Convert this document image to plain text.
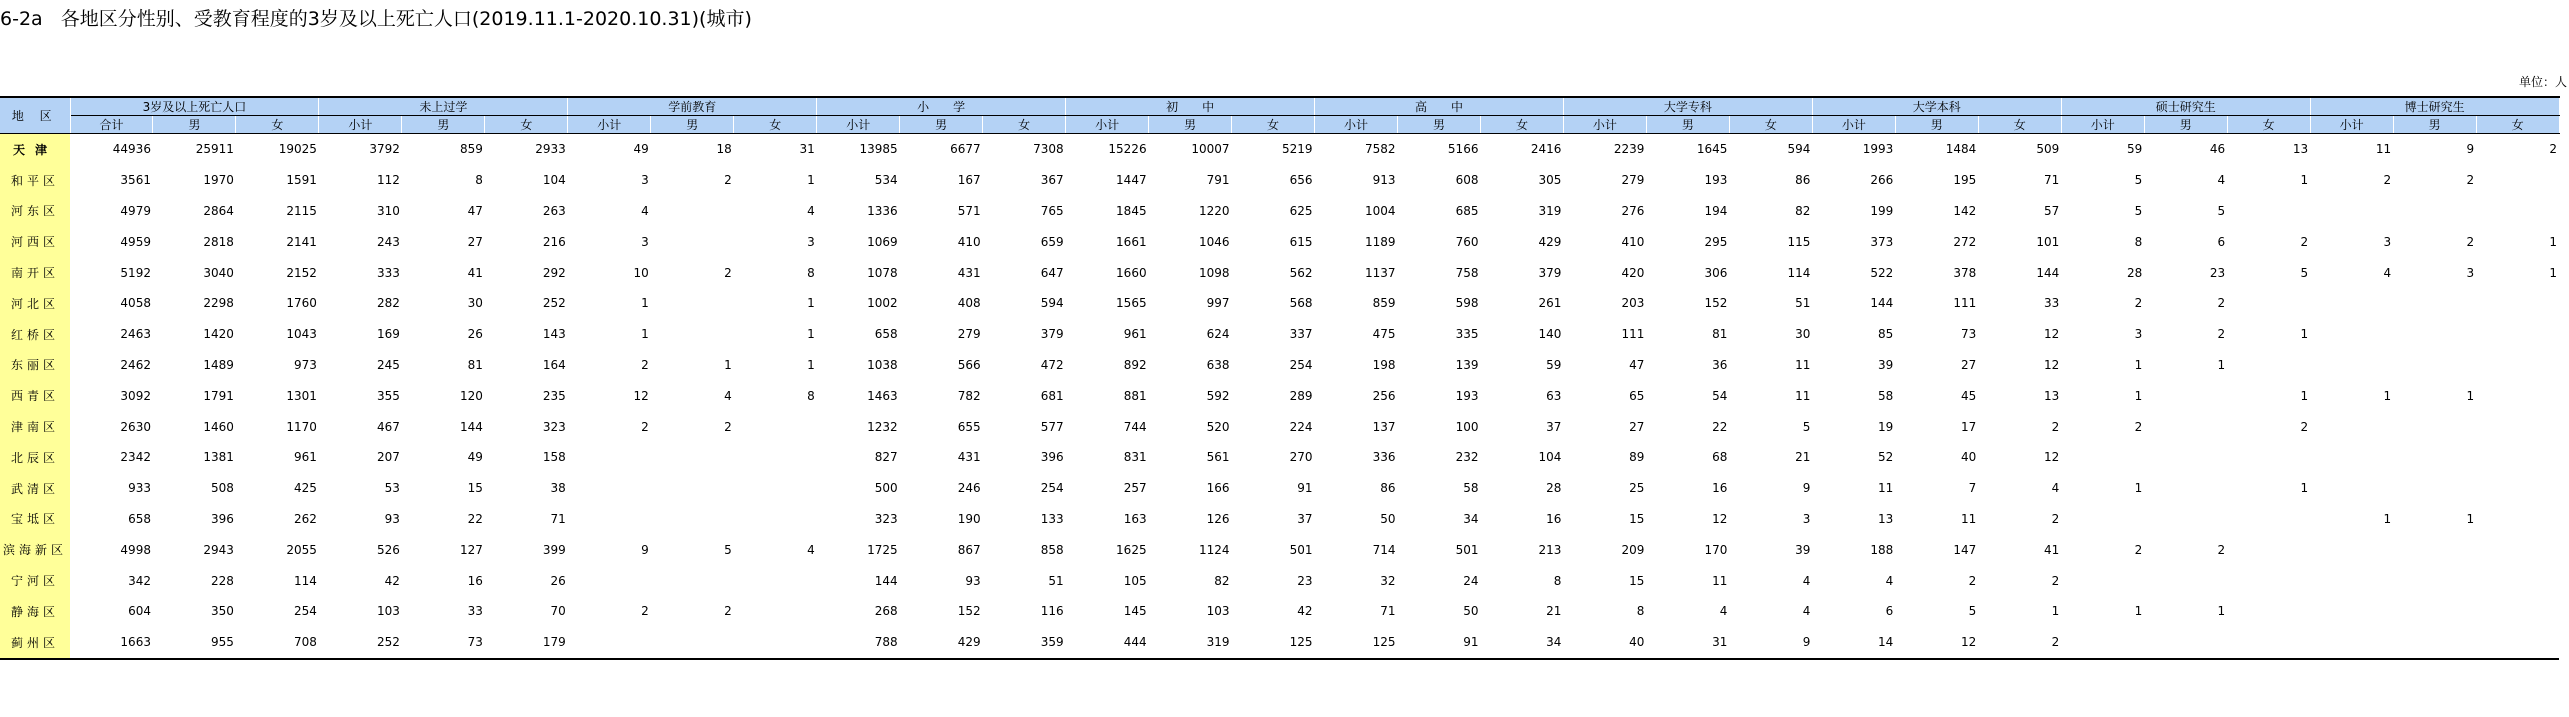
6-2a   各地区分性别、受教育程度的3岁及以上死亡人口(2019.11.1-2020.10.31)(城市)
单位：人
地 区	3岁及以上死亡人口			未上过学			学前教育			小　　学			初　　中			高　　中			大学专科			大学本科			硕士研究生			博士研究生		
	合计	男	女	小计	男	女	小计	男	女	小计	男	女	小计	男	女	小计	男	女	小计	男	女	小计	男	女	小计	男	女	小计	男	女
天津	44936	25911	19025	3792	859	2933	49	18	31	13985	6677	7308	15226	10007	5219	7582	5166	2416	2239	1645	594	1993	1484	509	59	46	13	11	9	2
和平区	3561	1970	1591	112	8	104	3	2	1	534	167	367	1447	791	656	913	608	305	279	193	86	266	195	71	5	4	1	2	2	
河东区	4979	2864	2115	310	47	263	4		4	1336	571	765	1845	1220	625	1004	685	319	276	194	82	199	142	57	5	5				
河西区	4959	2818	2141	243	27	216	3		3	1069	410	659	1661	1046	615	1189	760	429	410	295	115	373	272	101	8	6	2	3	2	1
南开区	5192	3040	2152	333	41	292	10	2	8	1078	431	647	1660	1098	562	1137	758	379	420	306	114	522	378	144	28	23	5	4	3	1
河北区	4058	2298	1760	282	30	252	1		1	1002	408	594	1565	997	568	859	598	261	203	152	51	144	111	33	2	2				
红桥区	2463	1420	1043	169	26	143	1		1	658	279	379	961	624	337	475	335	140	111	81	30	85	73	12	3	2	1			
东丽区	2462	1489	973	245	81	164	2	1	1	1038	566	472	892	638	254	198	139	59	47	36	11	39	27	12	1	1				
西青区	3092	1791	1301	355	120	235	12	4	8	1463	782	681	881	592	289	256	193	63	65	54	11	58	45	13	1		1	1	1	
津南区	2630	1460	1170	467	144	323	2	2		1232	655	577	744	520	224	137	100	37	27	22	5	19	17	2	2		2			
北辰区	2342	1381	961	207	49	158				827	431	396	831	561	270	336	232	104	89	68	21	52	40	12						
武清区	933	508	425	53	15	38				500	246	254	257	166	91	86	58	28	25	16	9	11	7	4	1		1			
宝坻区	658	396	262	93	22	71				323	190	133	163	126	37	50	34	16	15	12	3	13	11	2				1	1	
滨海新区	4998	2943	2055	526	127	399	9	5	4	1725	867	858	1625	1124	501	714	501	213	209	170	39	188	147	41	2	2				
宁河区	342	228	114	42	16	26				144	93	51	105	82	23	32	24	8	15	11	4	4	2	2						
静海区	604	350	254	103	33	70	2	2		268	152	116	145	103	42	71	50	21	8	4	4	6	5	1	1	1				
蓟州区	1663	955	708	252	73	179				788	429	359	444	319	125	125	91	34	40	31	9	14	12	2						
